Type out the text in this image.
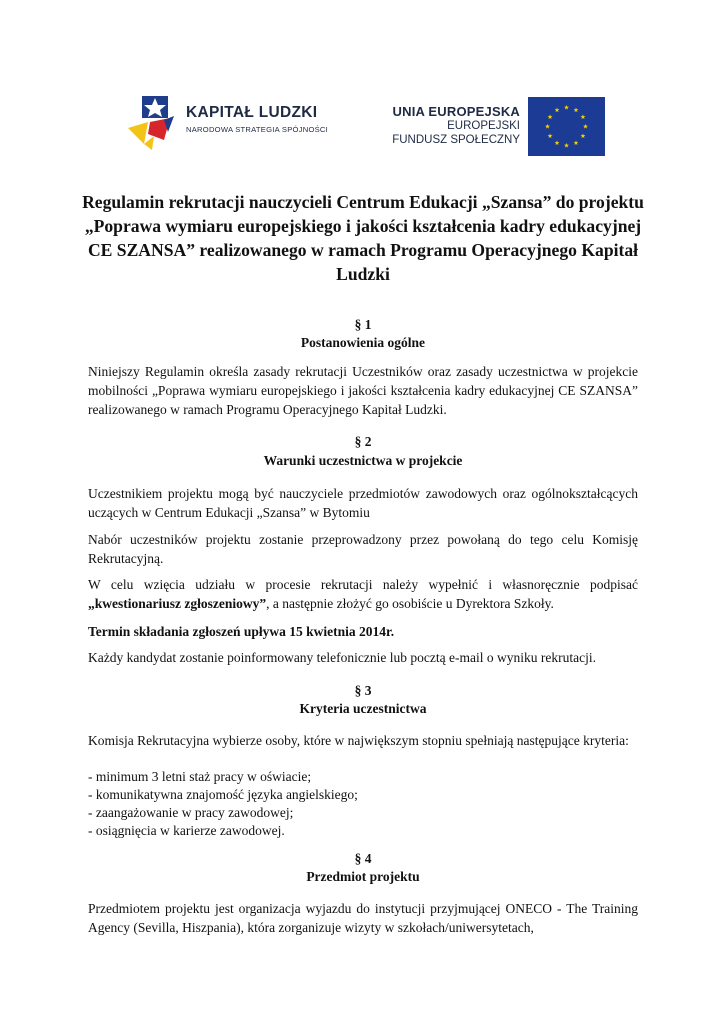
KAPITAŁ LUDZKI
NARODOWA STRATEGIA SPÓJNOŚCI
UNIA EUROPEJSKA
EUROPEJSKI
FUNDUSZ SPOŁECZNY
Regulamin rekrutacji nauczycieli Centrum Edukacji „Szansa” do projektu „Poprawa wymiaru europejskiego i jakości kształcenia kadry edukacyjnej CE SZANSA” realizowanego w ramach Programu Operacyjnego Kapitał Ludzki
§ 1
Postanowienia ogólne

Niniejszy Regulamin określa zasady rekrutacji Uczestników oraz zasady uczestnictwa w projekcie mobilności „Poprawa wymiaru europejskiego i jakości kształcenia kadry edukacyjnej CE SZANSA” realizowanego w ramach Programu Operacyjnego Kapitał Ludzki.

§ 2
Warunki uczestnictwa w projekcie

Uczestnikiem projektu mogą być nauczyciele przedmiotów zawodowych oraz ogólnokształcących uczących w Centrum Edukacji „Szansa” w Bytomiu

Nabór uczestników projektu zostanie przeprowadzony przez powołaną do tego celu Komisję Rekrutacyjną.

W celu wzięcia udziału w procesie rekrutacji należy wypełnić i własnoręcznie podpisać „kwestionariusz zgłoszeniowy”, a następnie złożyć go osobiście u Dyrektora Szkoły.

Termin składania zgłoszeń upływa 15 kwietnia 2014r.

Każdy kandydat zostanie poinformowany telefonicznie lub pocztą e-mail o wyniku rekrutacji.

§ 3
Kryteria uczestnictwa

Komisja Rekrutacyjna wybierze osoby, które w największym stopniu spełniają następujące kryteria:

- minimum 3 letni staż pracy w oświacie;
- komunikatywna znajomość języka angielskiego;
- zaangażowanie w pracy zawodowej;
- osiągnięcia w karierze zawodowej.
§ 4
Przedmiot projektu

Przedmiotem projektu jest organizacja wyjazdu do instytucji przyjmującej ONECO - The Training Agency (Sevilla, Hiszpania), która zorganizuje wizyty w szkołach/uniwersytetach,
